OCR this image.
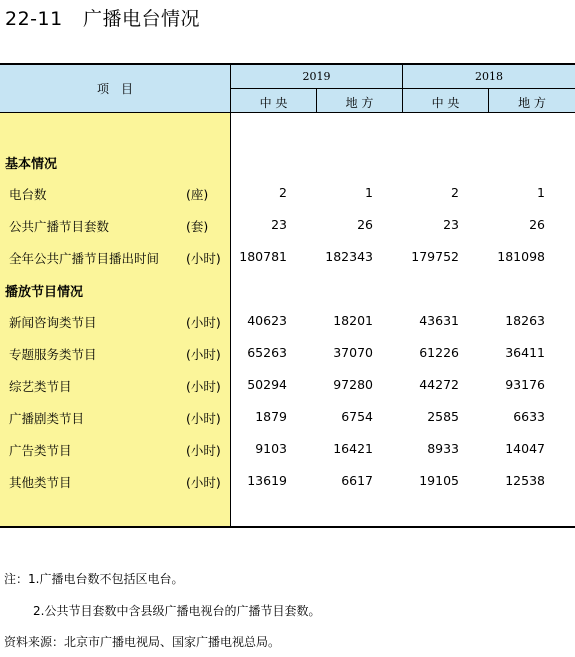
22-11 广播电台情况
项　目
2019	2018
中 央	地 方	中 央	地 方
基本情况
电台数	(座)	2	1	2	1
公共广播节目套数	(套)	23	26	23	26
全年公共广播节目播出时间 (小时)	180781	182343	179752	181098
播放节目情况
新闻咨询类节目	(小时)	40623	18201	43631	18263
专题服务类节目	(小时)	65263	37070	61226	36411
综艺类节目	(小时)	50294	97280	44272	93176
广播剧类节目	(小时)	1879	6754	2585	6633
广告类节目	(小时)	9103	16421	8933	14047
其他类节目	(小时)	13619	6617	19105	12538
注：1.广播电台数不包括区电台。
2.公共节目套数中含县级广播电视台的广播节目套数。
资料来源：北京市广播电视局、国家广播电视总局。
